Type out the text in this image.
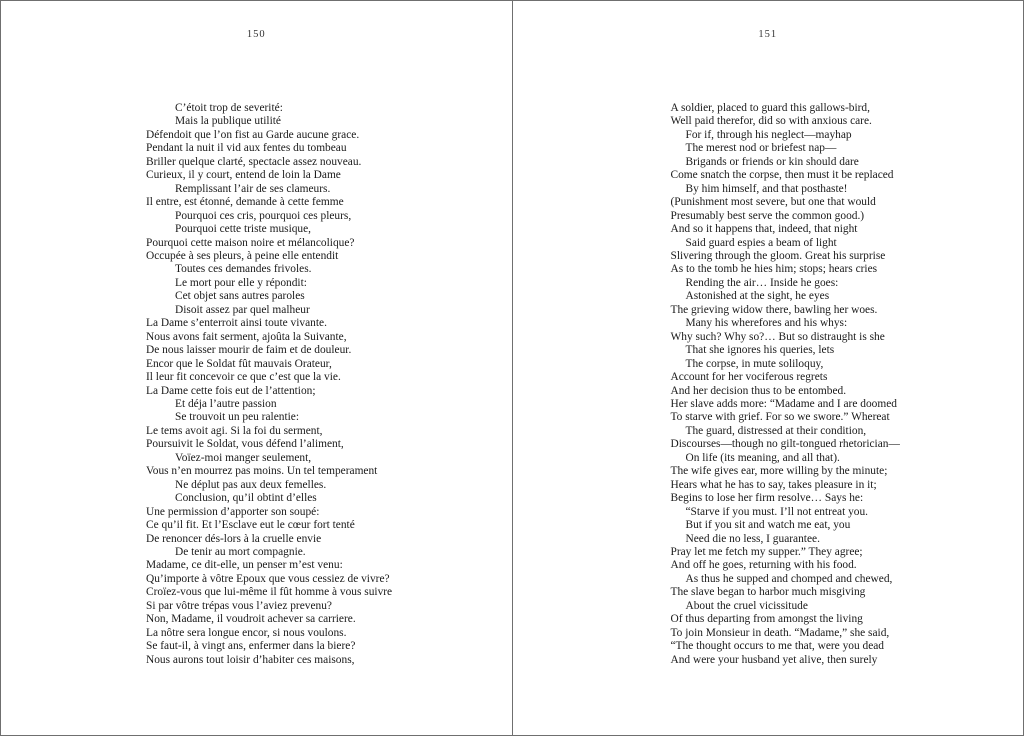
150
C’étoit trop de severité:
Mais la publique utilité
Défendoit que l’on fist au Garde aucune grace.
Pendant la nuit il vid aux fentes du tombeau
Briller quelque clarté, spectacle assez nouveau.
Curieux, il y court, entend de loin la Dame
Remplissant l’air de ses clameurs.
Il entre, est étonné, demande à cette femme
Pourquoi ces cris, pourquoi ces pleurs,
Pourquoi cette triste musique,
Pourquoi cette maison noire et mélancolique?
Occupée à ses pleurs, à peine elle entendit
Toutes ces demandes frivoles.
Le mort pour elle y répondit:
Cet objet sans autres paroles
Disoit assez par quel malheur
La Dame s’enterroit ainsi toute vivante.
Nous avons fait serment, ajoûta la Suivante,
De nous laisser mourir de faim et de douleur.
Encor que le Soldat fût mauvais Orateur,
Il leur fit concevoir ce que c’est que la vie.
La Dame cette fois eut de l’attention;
Et déja l’autre passion
Se trouvoit un peu ralentie:
Le tems avoit agi. Si la foi du serment,
Poursuivit le Soldat, vous défend l’aliment,
Voïez-moi manger seulement,
Vous n’en mourrez pas moins. Un tel temperament
Ne déplut pas aux deux femelles.
Conclusion, qu’il obtint d’elles
Une permission d’apporter son soupé:
Ce qu’il fit. Et l’Esclave eut le cœur fort tenté
De renoncer dés-lors à la cruelle envie
De tenir au mort compagnie.
Madame, ce dit-elle, un penser m’est venu:
Qu’importe à vôtre Epoux que vous cessiez de vivre?
Croïez-vous que lui-même il fût homme à vous suivre
Si par vôtre trépas vous l’aviez prevenu?
Non, Madame, il voudroit achever sa carriere.
La nôtre sera longue encor, si nous voulons.
Se faut-il, à vingt ans, enfermer dans la biere?
Nous aurons tout loisir d’habiter ces maisons,
151
A soldier, placed to guard this gallows-bird,
Well paid therefor, did so with anxious care.
For if, through his neglect—mayhap
The merest nod or briefest nap—
Brigands or friends or kin should dare
Come snatch the corpse, then must it be replaced
By him himself, and that posthaste!
(Punishment most severe, but one that would
Presumably best serve the common good.)
And so it happens that, indeed, that night
Said guard espies a beam of light
Slivering through the gloom. Great his surprise
As to the tomb he hies him; stops; hears cries
Rending the air… Inside he goes:
Astonished at the sight, he eyes
The grieving widow there, bawling her woes.
Many his wherefores and his whys:
Why such? Why so?… But so distraught is she
That she ignores his queries, lets
The corpse, in mute soliloquy,
Account for her vociferous regrets
And her decision thus to be entombed.
Her slave adds more: “Madame and I are doomed
To starve with grief. For so we swore.” Whereat
The guard, distressed at their condition,
Discourses—though no gilt-tongued rhetorician—
On life (its meaning, and all that).
The wife gives ear, more willing by the minute;
Hears what he has to say, takes pleasure in it;
Begins to lose her firm resolve… Says he:
“Starve if you must. I’ll not entreat you.
But if you sit and watch me eat, you
Need die no less, I guarantee.
Pray let me fetch my supper.” They agree;
And off he goes, returning with his food.
As thus he supped and chomped and chewed,
The slave began to harbor much misgiving
About the cruel vicissitude
Of thus departing from amongst the living
To join Monsieur in death. “Madame,” she said,
“The thought occurs to me that, were you dead
And were your husband yet alive, then surely
